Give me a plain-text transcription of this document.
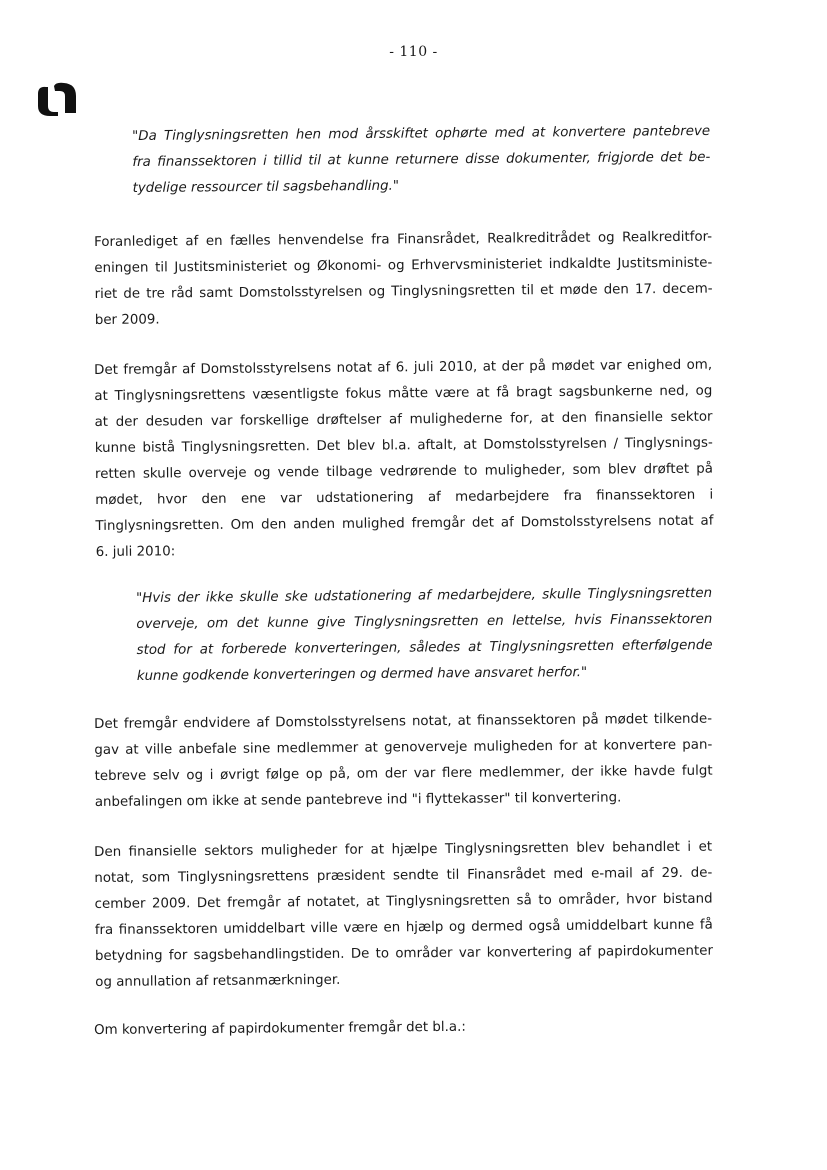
- 110 -
"Da Tinglysningsretten hen mod årsskiftet ophørte med at konvertere pantebreve
fra finanssektoren i tillid til at kunne returnere disse dokumenter, frigjorde det be-
tydelige ressourcer til sagsbehandling."
Foranlediget af en fælles henvendelse fra Finansrådet, Realkreditrådet og Realkreditfor-
eningen til Justitsministeriet og Økonomi- og Erhvervsministeriet indkaldte Justitsministe-
riet de tre råd samt Domstolsstyrelsen og Tinglysningsretten til et møde den 17. decem-
ber 2009.
Det fremgår af Domstolsstyrelsens notat af 6. juli 2010, at der på mødet var enighed om,
at Tinglysningsrettens væsentligste fokus måtte være at få bragt sagsbunkerne ned, og
at der desuden var forskellige drøftelser af mulighederne for, at den finansielle sektor
kunne bistå Tinglysningsretten. Det blev bl.a. aftalt, at Domstolsstyrelsen / Tinglysnings-
retten skulle overveje og vende tilbage vedrørende to muligheder, som blev drøftet på
mødet, hvor den ene var udstationering af medarbejdere fra finanssektoren i
Tinglysningsretten. Om den anden mulighed fremgår det af Domstolsstyrelsens notat af
6. juli 2010:
"Hvis der ikke skulle ske udstationering af medarbejdere, skulle Tinglysningsretten
overveje, om det kunne give Tinglysningsretten en lettelse, hvis Finanssektoren
stod for at forberede konverteringen, således at Tinglysningsretten efterfølgende
kunne godkende konverteringen og dermed have ansvaret herfor."
Det fremgår endvidere af Domstolsstyrelsens notat, at finanssektoren på mødet tilkende-
gav at ville anbefale sine medlemmer at genoverveje muligheden for at konvertere pan-
tebreve selv og i øvrigt følge op på, om der var flere medlemmer, der ikke havde fulgt
anbefalingen om ikke at sende pantebreve ind "i flyttekasser" til konvertering.
Den finansielle sektors muligheder for at hjælpe Tinglysningsretten blev behandlet i et
notat, som Tinglysningsrettens præsident sendte til Finansrådet med e-mail af 29. de-
cember 2009. Det fremgår af notatet, at Tinglysningsretten så to områder, hvor bistand
fra finanssektoren umiddelbart ville være en hjælp og dermed også umiddelbart kunne få
betydning for sagsbehandlingstiden. De to områder var konvertering af papirdokumenter
og annullation af retsanmærkninger.
Om konvertering af papirdokumenter fremgår det bl.a.:
